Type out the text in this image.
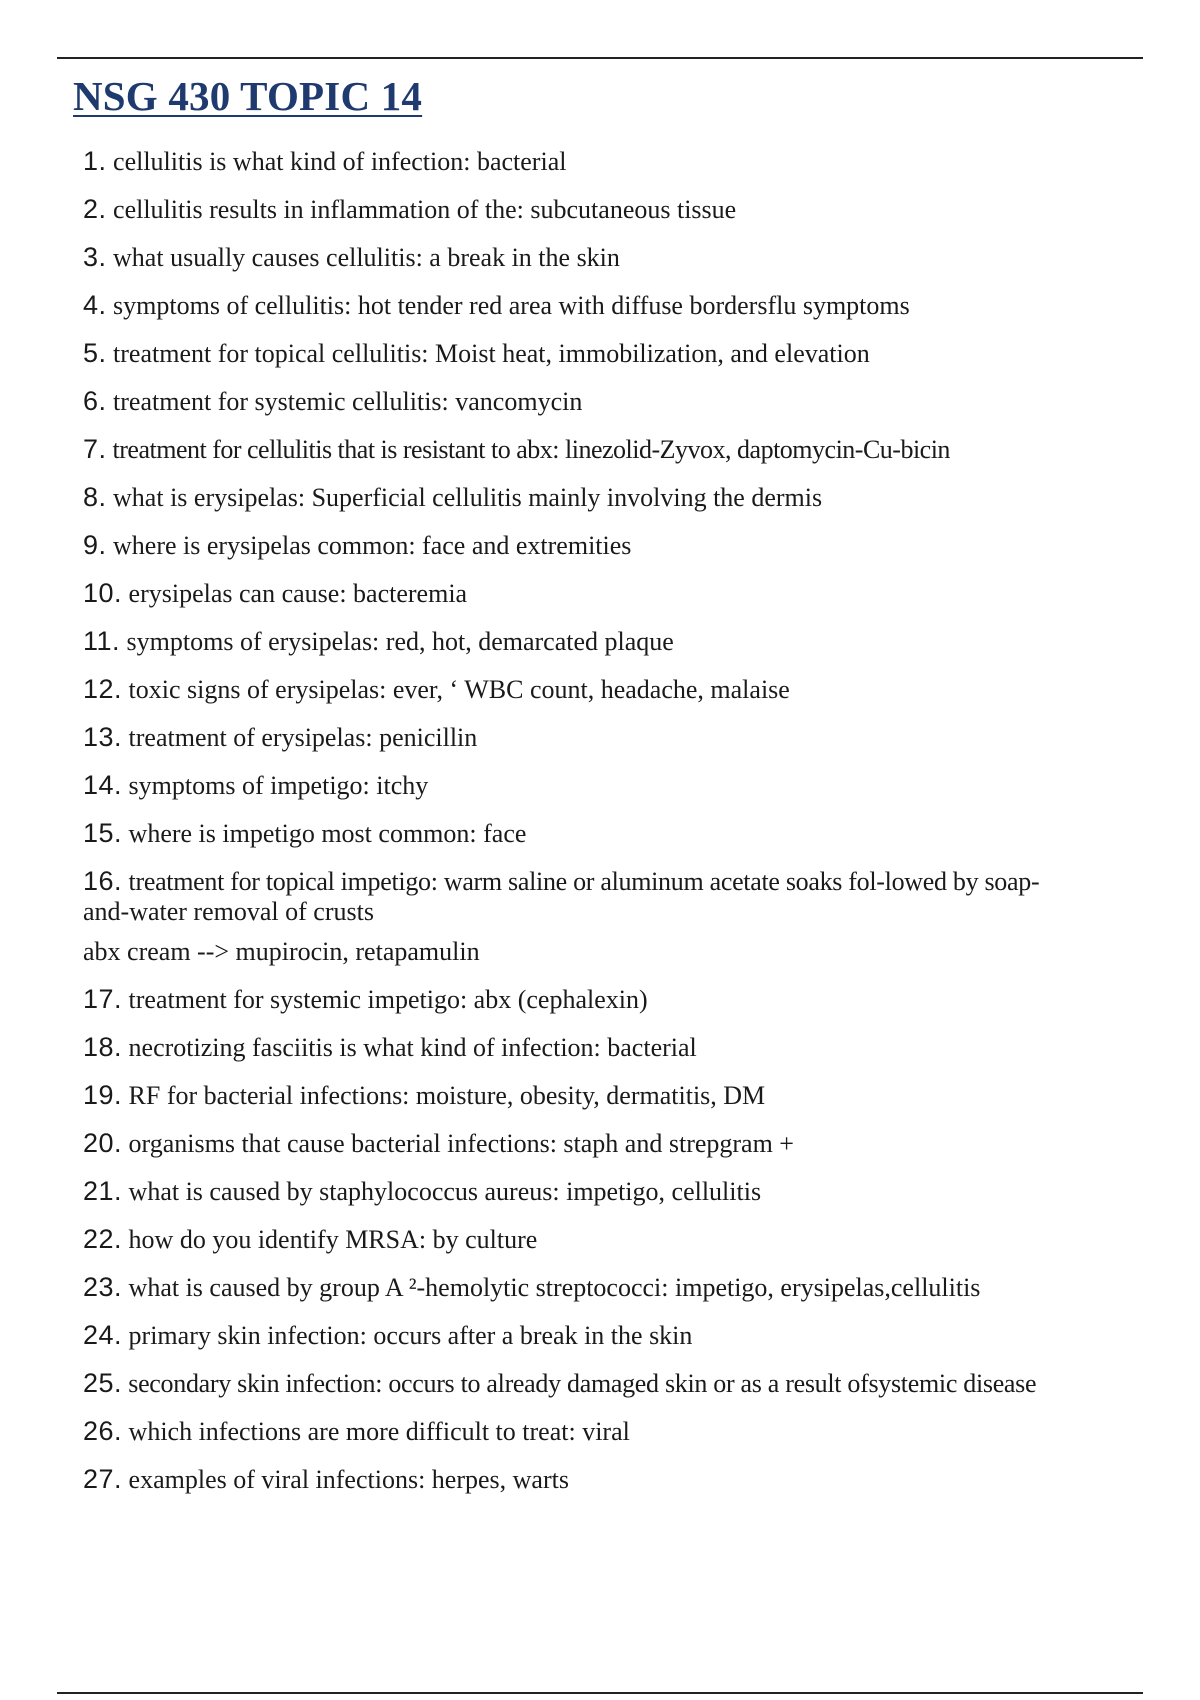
NSG 430 TOPIC 14
1. cellulitis is what kind of infection: bacterial
2. cellulitis results in inflammation of the: subcutaneous tissue
3. what usually causes cellulitis: a break in the skin
4. symptoms of cellulitis: hot tender red area with diffuse bordersflu symptoms
5. treatment for topical cellulitis: Moist heat, immobilization, and elevation
6. treatment for systemic cellulitis: vancomycin
7. treatment for cellulitis that is resistant to abx: linezolid-Zyvox, daptomycin-Cu-bicin
8. what is erysipelas: Superficial cellulitis mainly involving the dermis
9. where is erysipelas common: face and extremities
10. erysipelas can cause: bacteremia
11. symptoms of erysipelas: red, hot, demarcated plaque
12. toxic signs of erysipelas: ever, ‘ WBC count, headache, malaise
13. treatment of erysipelas: penicillin
14. symptoms of impetigo: itchy
15. where is impetigo most common: face
16. treatment for topical impetigo: warm saline or aluminum acetate soaks fol-lowed by soap-
and-water removal of crusts
abx cream --> mupirocin, retapamulin
17. treatment for systemic impetigo: abx (cephalexin)
18. necrotizing fasciitis is what kind of infection: bacterial
19. RF for bacterial infections: moisture, obesity, dermatitis, DM
20. organisms that cause bacterial infections: staph and strepgram +
21. what is caused by staphylococcus aureus: impetigo, cellulitis
22. how do you identify MRSA: by culture
23. what is caused by group A ²-hemolytic streptococci: impetigo, erysipelas,cellulitis
24. primary skin infection: occurs after a break in the skin
25. secondary skin infection: occurs to already damaged skin or as a result ofsystemic disease
26. which infections are more difficult to treat: viral
27. examples of viral infections: herpes, warts
